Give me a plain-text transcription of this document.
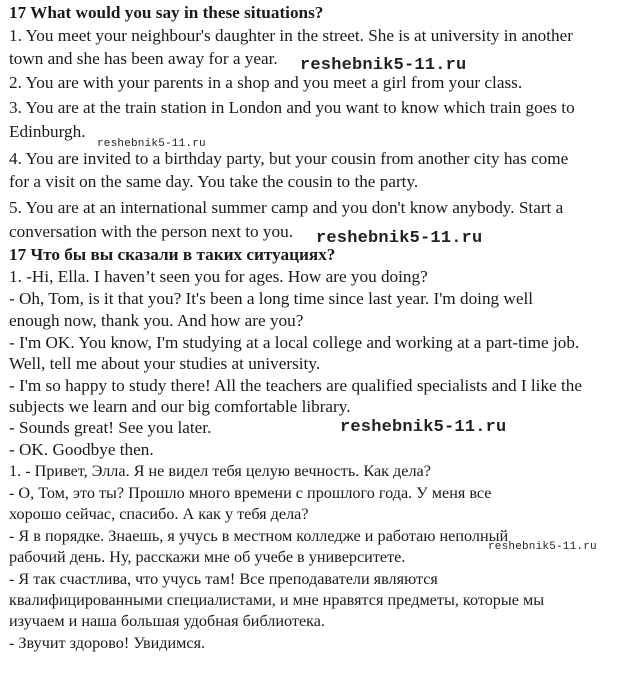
17 What would you say in these situations?
1. You meet your neighbour's daughter in the street. She is at university in another
town and she has been away for a year.
2. You are with your parents in a shop and you meet a girl from your class.
3. You are at the train station in London and you want to know which train goes to
Edinburgh.
4. You are invited to a birthday party, but your cousin from another city has come
for a visit on the same day. You take the cousin to the party.
5. You are at an international summer camp and you don't know anybody. Start a
conversation with the person next to you.
17 Что бы вы сказали в таких ситуациях?
1. -Hi, Ella. I haven’t seen you for ages. How are you doing?
- Oh, Tom, is it that you? It's been a long time since last year. I'm doing well
enough now, thank you. And how are you?
- I'm OK. You know, I'm studying at a local college and working at a part-time job.
Well, tell me about your studies at university.
- I'm so happy to study there! All the teachers are qualified specialists and I like the
subjects we learn and our big comfortable library.
- Sounds great! See you later.
- OK. Goodbye then.
1. - Привет, Элла. Я не видел тебя целую вечность. Как дела?
- О, Том, это ты? Прошло много времени с прошлого года. У меня все
хорошо сейчас, спасибо. А как у тебя дела?
- Я в порядке. Знаешь, я учусь в местном колледже и работаю неполный
рабочий день. Ну, расскажи мне об учебе в университете.
- Я так счастлива, что учусь там! Все преподаватели являются
квалифицированными специалистами, и мне нравятся предметы, которые мы
изучаем и наша большая удобная библиотека.
- Звучит здорово! Увидимся.
reshebnik5-11.ru
reshebnik5-11.ru
reshebnik5-11.ru
reshebnik5-11.ru
reshebnik5-11.ru
